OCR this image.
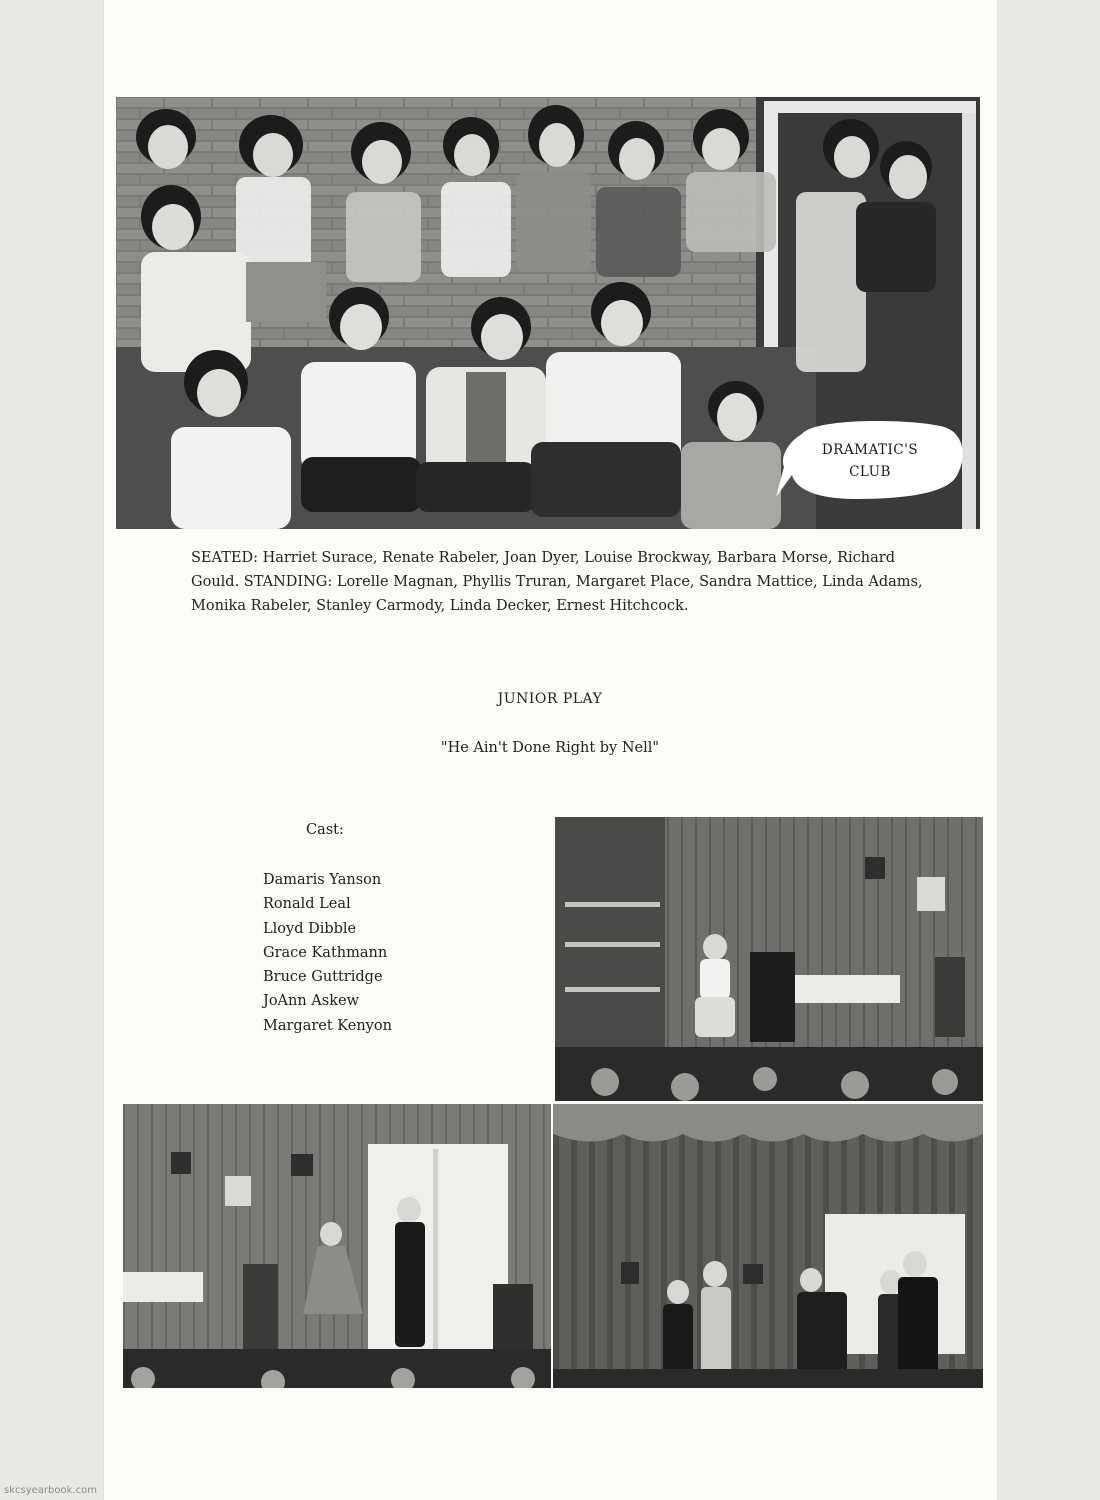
DRAMATIC'S
CLUB
SEATED: Harriet Surace, Renate Rabeler, Joan Dyer, Louise Brockway, Barbara Morse, Richard Gould. STANDING: Lorelle Magnan, Phyllis Truran, Margaret Place, Sandra Mattice, Linda Adams, Monika Rabeler, Stanley Carmody, Linda Decker, Ernest Hitchcock.
JUNIOR PLAY
"He Ain't Done Right by Nell"
Cast:
Damaris Yanson
Ronald Leal
Lloyd Dibble
Grace Kathmann
Bruce Guttridge
JoAnn Askew
Margaret Kenyon
skcsyearbook.com
